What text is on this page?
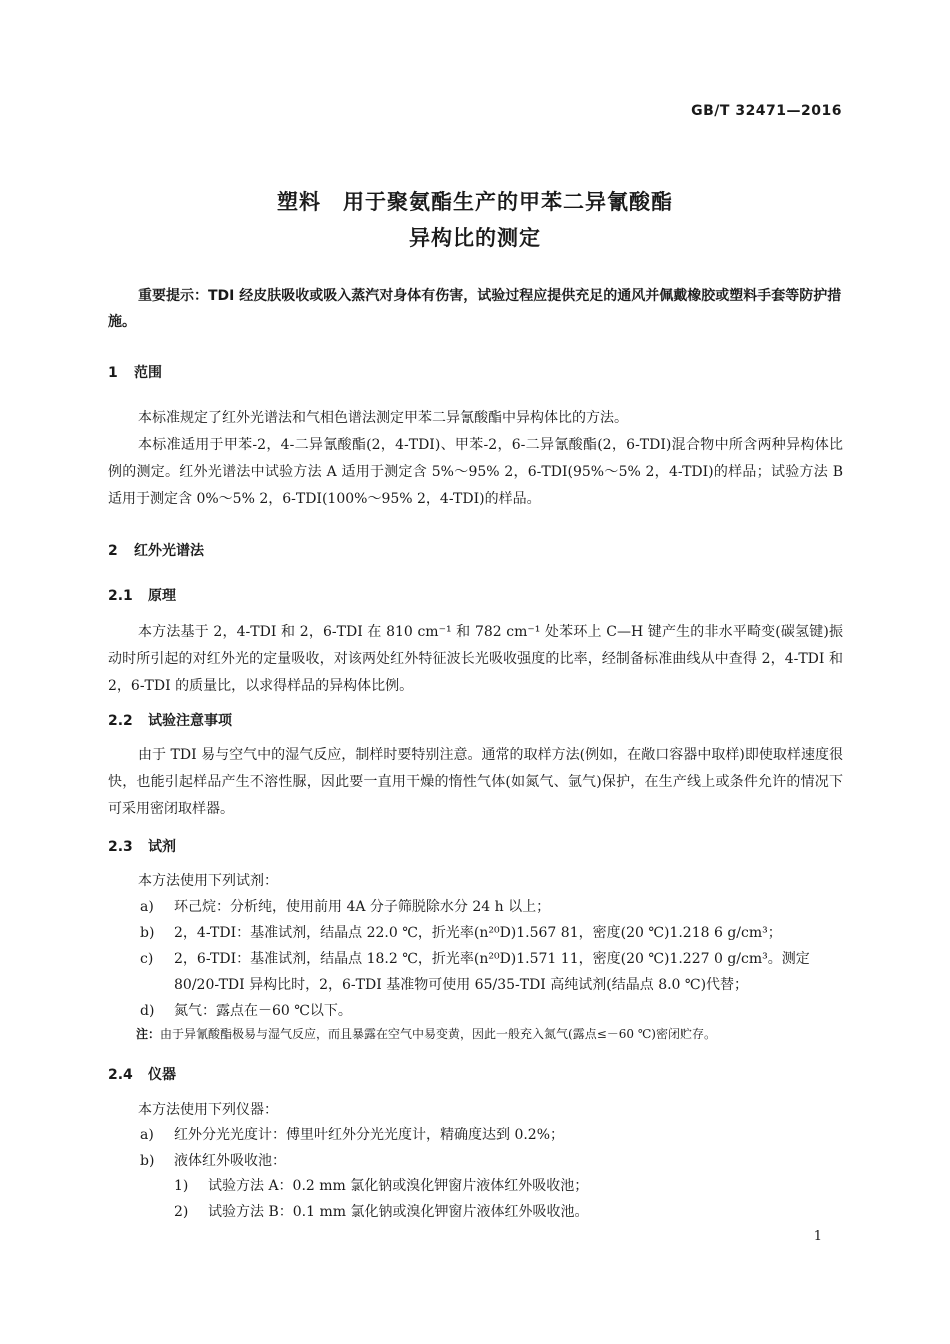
GB/T 32471—2016
塑料　用于聚氨酯生产的甲苯二异氰酸酯
异构比的测定
重要提示：TDI 经皮肤吸收或吸入蒸汽对身体有伤害，试验过程应提供充足的通风并佩戴橡胶或塑料手套等防护措施。
1 范围
本标准规定了红外光谱法和气相色谱法测定甲苯二异氰酸酯中异构体比的方法。
本标准适用于甲苯-2，4-二异氰酸酯(2，4-TDI)、甲苯-2，6-二异氰酸酯(2，6-TDI)混合物中所含两种异构体比例的测定。红外光谱法中试验方法 A 适用于测定含 5%～95% 2，6-TDI(95%～5% 2，4-TDI)的样品；试验方法 B 适用于测定含 0%～5% 2，6-TDI(100%～95% 2，4-TDI)的样品。
2 红外光谱法
2.1 原理
本方法基于 2，4-TDI 和 2，6-TDI 在 810 cm⁻¹ 和 782 cm⁻¹ 处苯环上 C—H 键产生的非水平畸变(碳氢键)振动时所引起的对红外光的定量吸收，对该两处红外特征波长光吸收强度的比率，经制备标准曲线从中查得 2，4-TDI 和 2，6-TDI 的质量比，以求得样品的异构体比例。
2.2 试验注意事项
由于 TDI 易与空气中的湿气反应，制样时要特别注意。通常的取样方法(例如，在敞口容器中取样)即使取样速度很快，也能引起样品产生不溶性脲，因此要一直用干燥的惰性气体(如氮气、氩气)保护，在生产线上或条件允许的情况下可采用密闭取样器。
2.3 试剂
本方法使用下列试剂：
a) 环己烷：分析纯，使用前用 4A 分子筛脱除水分 24 h 以上；
b) 2，4-TDI：基准试剂，结晶点 22.0 ℃，折光率(n²⁰D)1.567 81，密度(20 ℃)1.218 6 g/cm³；
c) 2，6-TDI：基准试剂，结晶点 18.2 ℃，折光率(n²⁰D)1.571 11，密度(20 ℃)1.227 0 g/cm³。测定
80/20-TDI 异构比时，2，6-TDI 基准物可使用 65/35-TDI 高纯试剂(结晶点 8.0 ℃)代替；
d) 氮气：露点在－60 ℃以下。
注：由于异氰酸酯极易与湿气反应，而且暴露在空气中易变黄，因此一般充入氮气(露点≤－60 ℃)密闭贮存。
2.4 仪器
本方法使用下列仪器：
a) 红外分光光度计：傅里叶红外分光光度计，精确度达到 0.2%；
b) 液体红外吸收池：
1) 试验方法 A：0.2 mm 氯化钠或溴化钾窗片液体红外吸收池；
2) 试验方法 B：0.1 mm 氯化钠或溴化钾窗片液体红外吸收池。
1
